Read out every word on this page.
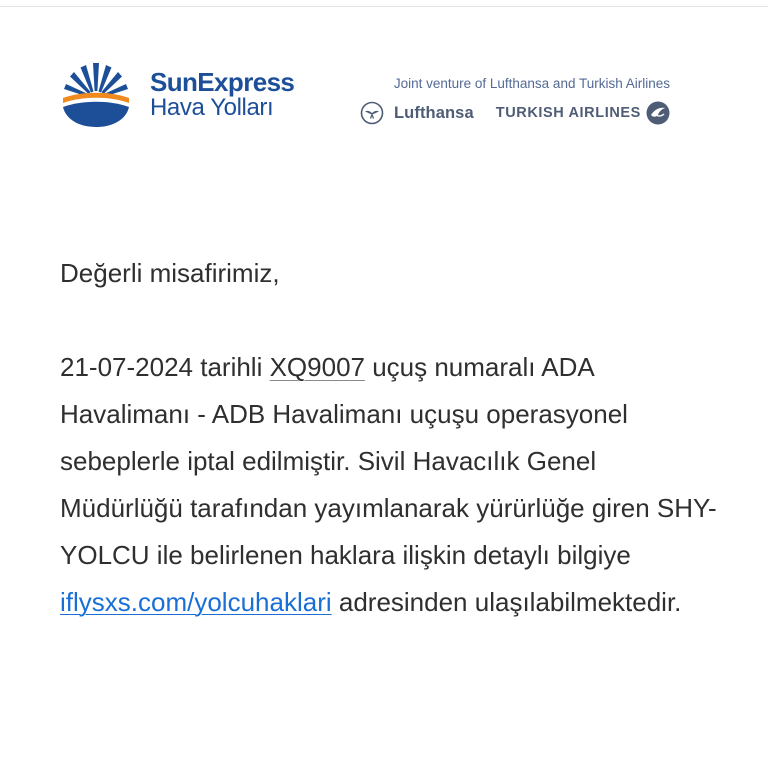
SunExpress
Hava Yolları
Joint venture of Lufthansa and Turkish Airlines
Lufthansa TURKISH AIRLINES

Değerli misafirimiz,

21-07-2024 tarihli XQ9007 uçuş numaralı ADA Havalimanı - ADB Havalimanı uçuşu operasyonel sebeplerle iptal edilmiştir. Sivil Havacılık Genel Müdürlüğü tarafından yayımlanarak yürürlüğe giren SHY-YOLCU ile belirlenen haklara ilişkin detaylı bilgiye iflysxs.com/yolcuhaklari adresinden ulaşılabilmektedir.
